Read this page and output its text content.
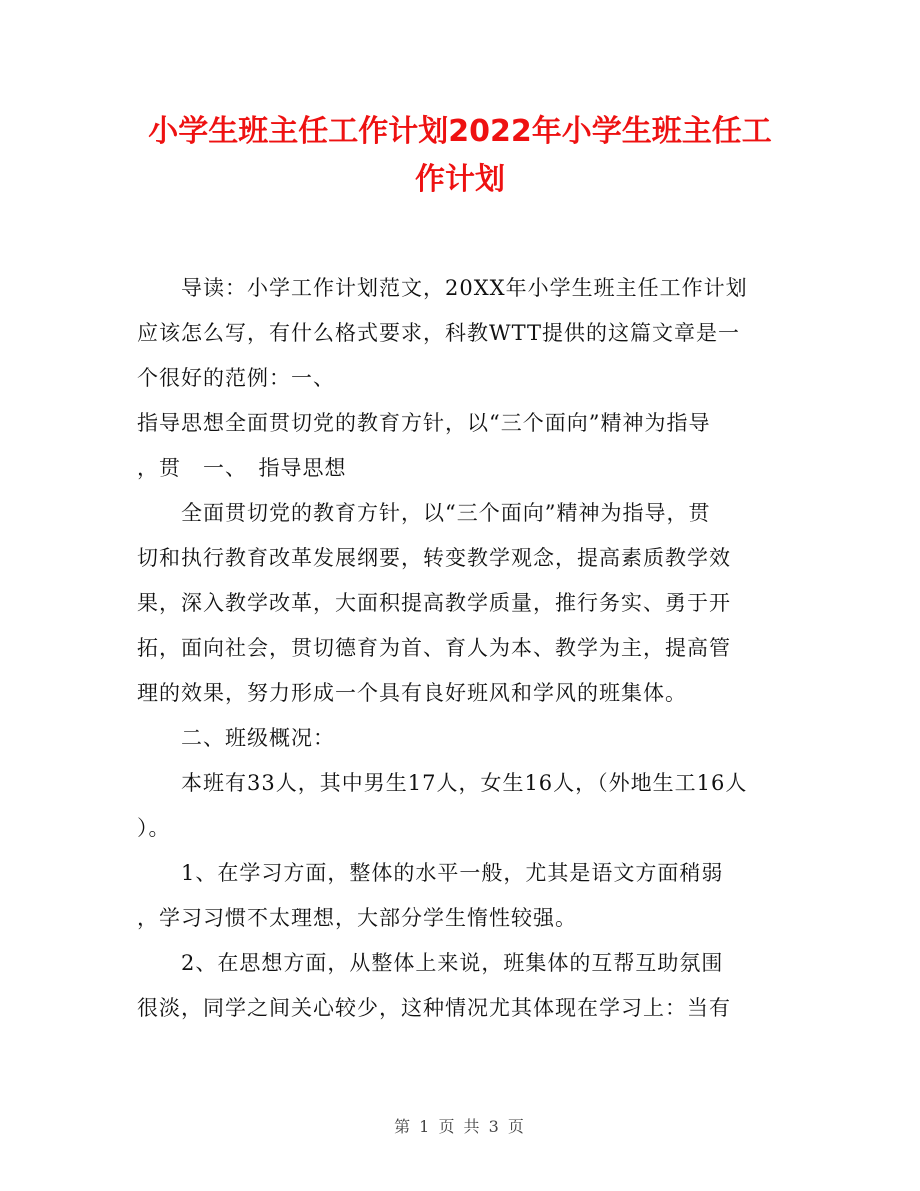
小学生班主任工作计划2022年小学生班主任工
作计划
　　导读：小学工作计划范文，20XX年小学生班主任工作计划
应该怎么写，有什么格式要求，科教WTT提供的这篇文章是一
个很好的范例：一、
指导思想全面贯切党的教育方针，以“三个面向”精神为指导
，贯　一、　指导思想
　　全面贯切党的教育方针，以“三个面向”精神为指导，贯
切和执行教育改革发展纲要，转变教学观念，提高素质教学效
果，深入教学改革，大面积提高教学质量，推行务实、勇于开
拓，面向社会，贯切德育为首、育人为本、教学为主，提高管
理的效果，努力形成一个具有良好班风和学风的班集体。
　　二、班级概况：
　　本班有33人，其中男生17人，女生16人，（外地生工16人
）。
　　1、在学习方面，整体的水平一般，尤其是语文方面稍弱
，学习习惯不太理想，大部分学生惰性较强。
　　2、在思想方面，从整体上来说，班集体的互帮互助氛围
很淡，同学之间关心较少，这种情况尤其体现在学习上：当有
第 1 页 共 3 页
